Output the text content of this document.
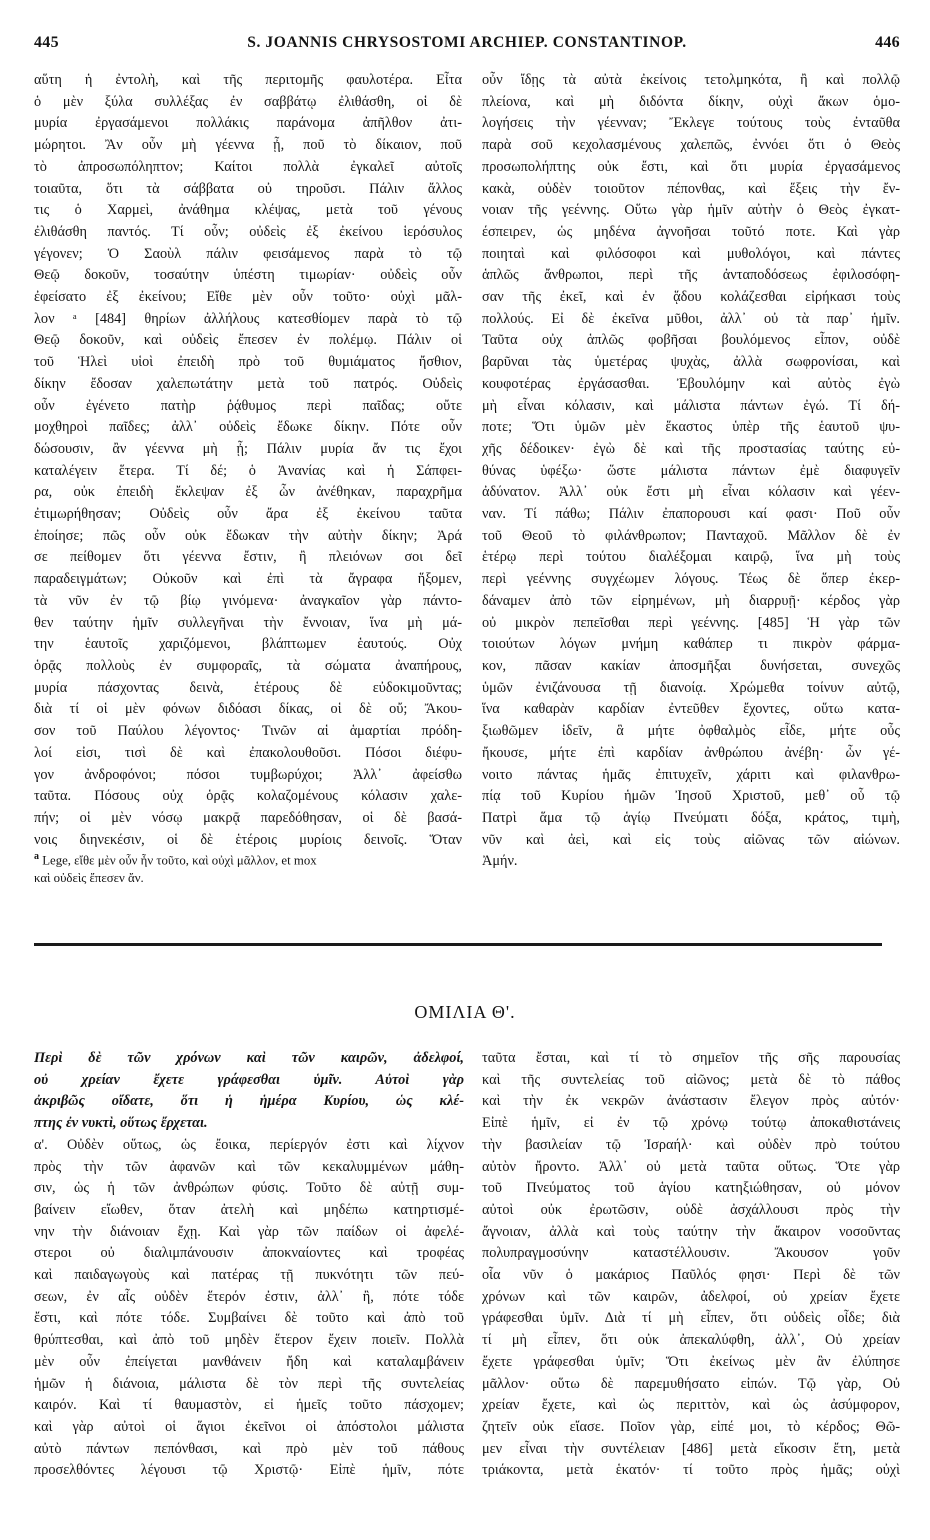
445	S. JOANNIS CHRYSOSTOMI ARCHIEP. CONSTANTINOP.	446
αὕτη ἡ ἐντολὴ, καὶ τῆς περιτομῆς φαυλοτέρα. Εἶτα
ὁ μὲν ξύλα συλλέξας ἐν σαββάτῳ ἐλιθάσθη, οἱ δὲ
μυρία ἐργασάμενοι πολλάκις παράνομα ἀπῆλθον ἀτι-
μώρητοι. Ἂν οὖν μὴ γέεννα ᾖ, ποῦ τὸ δίκαιον, ποῦ
τὸ ἀπροσωπόληπτον; Καίτοι πολλὰ ἐγκαλεῖ αὐτοῖς
τοιαῦτα, ὅτι τὰ σάββατα οὐ τηροῦσι. Πάλιν ἄλλος
τις ὁ Χαρμεὶ, ἀνάθημα κλέψας, μετὰ τοῦ γένους
ἐλιθάσθη παντός. Τί οὖν; οὐδεὶς ἐξ ἐκείνου ἱερόσυλος
γέγονεν; Ὁ Σαοὺλ πάλιν φεισάμενος παρὰ τὸ τῷ
Θεῷ δοκοῦν, τοσαύτην ὑπέστη τιμωρίαν· οὐδεὶς οὖν
ἐφείσατο ἐξ ἐκείνου; Εἴθε μὲν οὖν τοῦτο· οὐχὶ μᾶλ-
λον ᵃ [484] θηρίων ἀλλήλους κατεσθίομεν παρὰ τὸ τῷ
Θεῷ δοκοῦν, καὶ οὐδεὶς ἔπεσεν ἐν πολέμῳ. Πάλιν οἱ
τοῦ Ἡλεὶ υἱοὶ ἐπειδὴ πρὸ τοῦ θυμιάματος ἤσθιον,
δίκην ἔδοσαν χαλεπωτάτην μετὰ τοῦ πατρός. Οὐδεὶς
οὖν ἐγένετο πατὴρ ῥᾴθυμος περὶ παῖδας; οὔτε
μοχθηροὶ παῖδες; ἀλλ᾽ οὐδεὶς ἔδωκε δίκην. Πότε οὖν
δώσουσιν, ἂν γέεννα μὴ ᾖ; Πάλιν μυρία ἄν τις ἔχοι
καταλέγειν ἕτερα. Τί δέ; ὁ Ἀνανίας καὶ ἡ Σάπφει-
ρα, οὐκ ἐπειδὴ ἔκλεψαν ἐξ ὧν ἀνέθηκαν, παραχρῆμα
ἐτιμωρήθησαν; Οὐδεὶς οὖν ἄρα ἐξ ἐκείνου ταῦτα
ἐποίησε; πῶς οὖν οὐκ ἔδωκαν τὴν αὐτὴν δίκην; Ἀρά
σε πείθομεν ὅτι γέεννα ἔστιν, ἢ πλειόνων σοι δεῖ
παραδειγμάτων; Οὐκοῦν καὶ ἐπὶ τὰ ἄγραφα ἥξομεν,
τὰ νῦν ἐν τῷ βίῳ γινόμενα· ἀναγκαῖον γὰρ πάντο-
θεν ταύτην ἡμῖν συλλεγῆναι τὴν ἔννοιαν, ἵνα μὴ μά-
την ἑαυτοῖς χαριζόμενοι, βλάπτωμεν ἑαυτούς. Οὐχ
ὁρᾷς πολλοὺς ἐν συμφοραῖς, τὰ σώματα ἀναπήρους,
μυρία πάσχοντας δεινὰ, ἑτέρους δὲ εὐδοκιμοῦντας;
διὰ τί οἱ μὲν φόνων διδόασι δίκας, οἱ δὲ οὔ; Ἄκου-
σον τοῦ Παύλου λέγοντος· Τινῶν αἱ ἁμαρτίαι πρόδη-
λοί εἰσι, τισὶ δὲ καὶ ἐπακολουθοῦσι. Πόσοι διέφυ-
γον ἀνδροφόνοι; πόσοι τυμβωρύχοι; Ἀλλ᾽ ἀφείσθω
ταῦτα. Πόσους οὐχ ὁρᾷς κολαζομένους κόλασιν χαλε-
πήν; οἱ μὲν νόσῳ μακρᾷ παρεδόθησαν, οἱ δὲ βασά-
νοις διηνεκέσιν, οἱ δὲ ἑτέροις μυρίοις δεινοῖς. Ὅταν
οὖν ἴδῃς τὰ αὐτὰ ἐκείνοις τετολμηκότα, ἢ καὶ πολλῷ
πλείονα, καὶ μὴ διδόντα δίκην, οὐχὶ ἄκων ὁμο-
λογήσεις τὴν γέενναν; Ἔκλεγε τούτους τοὺς ἐνταῦθα
παρὰ σοῦ κεχολασμένους χαλεπῶς, ἐννόει ὅτι ὁ Θεὸς
προσωπολήπτης οὐκ ἔστι, καὶ ὅτι μυρία ἐργασάμενος
κακὰ, οὐδὲν τοιοῦτον πέπονθας, καὶ ἕξεις τὴν ἔν-
νοιαν τῆς γεέννης. Οὕτω γὰρ ἡμῖν αὐτὴν ὁ Θεὸς ἐγκατ-
έσπειρεν, ὡς μηδένα ἀγνοῆσαι τοῦτό ποτε. Καὶ γὰρ
ποιηταὶ καὶ φιλόσοφοι καὶ μυθολόγοι, καὶ πάντες
ἁπλῶς ἄνθρωποι, περὶ τῆς ἀνταποδόσεως ἐφιλοσόφη-
σαν τῆς ἐκεῖ, καὶ ἐν ᾅδου κολάζεσθαι εἰρήκασι τοὺς
πολλούς. Εἰ δὲ ἐκεῖνα μῦθοι, ἀλλ᾽ οὐ τὰ παρ᾽ ἡμῖν.
Ταῦτα οὐχ ἁπλῶς φοβῆσαι βουλόμενος εἶπον, οὐδὲ
βαρῦναι τὰς ὑμετέρας ψυχὰς, ἀλλὰ σωφρονίσαι, καὶ
κουφοτέρας ἐργάσασθαι. Ἐβουλόμην καὶ αὐτὸς ἐγὼ
μὴ εἶναι κόλασιν, καὶ μάλιστα πάντων ἐγώ. Τί δή-
ποτε; Ὅτι ὑμῶν μὲν ἕκαστος ὑπὲρ τῆς ἑαυτοῦ ψυ-
χῆς δέδοικεν· ἐγὼ δὲ καὶ τῆς προστασίας ταύτης εὐ-
θύνας ὑφέξω· ὥστε μάλιστα πάντων ἐμὲ διαφυγεῖν
ἀδύνατον. Ἀλλ᾽ οὐκ ἔστι μὴ εἶναι κόλασιν καὶ γέεν-
ναν. Τί πάθω; Πάλιν ἐπαπορουσι καί φασι· Ποῦ οὖν
τοῦ Θεοῦ τὸ φιλάνθρωπον; Πανταχοῦ. Μᾶλλον δὲ ἐν
ἑτέρῳ περὶ τούτου διαλέξομαι καιρῷ, ἵνα μὴ τοὺς
περὶ γεέννης συγχέωμεν λόγους. Τέως δὲ ὅπερ ἐκερ-
δάναμεν ἀπὸ τῶν εἰρημένων, μὴ διαρρυῇ· κέρδος γὰρ
οὐ μικρὸν πεπεῖσθαι περὶ γεέννης. [485] Ἡ γὰρ τῶν
τοιούτων λόγων μνήμη καθάπερ τι πικρὸν φάρμα-
κον, πᾶσαν κακίαν ἀποσμῆξαι δυνήσεται, συνεχῶς
ὑμῶν ἐνιζάνουσα τῇ διανοίᾳ. Χρώμεθα τοίνυν αὐτῷ,
ἵνα καθαρὰν καρδίαν ἐντεῦθεν ἔχοντες, οὕτω κατα-
ξιωθῶμεν ἰδεῖν, ἃ μήτε ὀφθαλμὸς εἶδε, μήτε οὖς
ἤκουσε, μήτε ἐπὶ καρδίαν ἀνθρώπου ἀνέβη· ὧν γέ-
νοιτο πάντας ἡμᾶς ἐπιτυχεῖν, χάριτι καὶ φιλανθρω-
πίᾳ τοῦ Κυρίου ἡμῶν Ἰησοῦ Χριστοῦ, μεθ᾽ οὗ τῷ
Πατρὶ ἅμα τῷ ἁγίῳ Πνεύματι δόξα, κράτος, τιμὴ,
νῦν καὶ ἀεὶ, καὶ εἰς τοὺς αἰῶνας τῶν αἰώνων.
Ἀμήν.
$^a$ Lege, εἴθε μὲν οὖν ἦν τοῦτο, καὶ οὐχὶ μᾶλλον, et mox
καὶ οὐδεὶς ἔπεσεν ἄν.
ΟΜΙΛΙΑ Θ'.
Περὶ δὲ τῶν χρόνων καὶ τῶν καιρῶν, ἀδελφοί,
οὐ χρείαν ἔχετε γράφεσθαι ὑμῖν. Αὐτοὶ γὰρ
ἀκριβῶς οἴδατε, ὅτι ἡ ἡμέρα Κυρίου, ὡς κλέ-
πτης ἐν νυκτὶ, οὕτως ἔρχεται.
α'. Οὐδὲν οὕτως, ὡς ἔοικα, περίεργόν ἐστι καὶ λίχνον
πρὸς τὴν τῶν ἀφανῶν καὶ τῶν κεκαλυμμένων μάθη-
σιν, ὡς ἡ τῶν ἀνθρώπων φύσις. Τοῦτο δὲ αὐτῇ συμ-
βαίνειν εἴωθεν, ὅταν ἀτελὴ καὶ μηδέπω κατηρτισμέ-
νην τὴν διάνοιαν ἔχῃ. Καὶ γὰρ τῶν παίδων οἱ ἀφελέ-
στεροι οὐ διαλιμπάνουσιν ἀποκναίοντες καὶ τροφέας
καὶ παιδαγωγοὺς καὶ πατέρας τῇ πυκνότητι τῶν πεύ-
σεων, ἐν αἷς οὐδὲν ἕτερόν ἐστιν, ἀλλ᾽ ἢ, πότε τόδε
ἔστι, καὶ πότε τόδε. Συμβαίνει δὲ τοῦτο καὶ ἀπὸ τοῦ
θρύπτεσθαι, καὶ ἀπὸ τοῦ μηδὲν ἕτερον ἔχειν ποιεῖν. Πολλὰ
μὲν οὖν ἐπείγεται μανθάνειν ἤδη καὶ καταλαμβάνειν
ἡμῶν ἡ διάνοια, μάλιστα δὲ τὸν περὶ τῆς συντελείας
καιρόν. Καὶ τί θαυμαστὸν, εἰ ἡμεῖς τοῦτο πάσχομεν;
καὶ γὰρ αὐτοὶ οἱ ἅγιοι ἐκεῖνοι οἱ ἀπόστολοι μάλιστα
αὐτὸ πάντων πεπόνθασι, καὶ πρὸ μὲν τοῦ πάθους
προσελθόντες λέγουσι τῷ Χριστῷ· Εἰπὲ ἡμῖν, πότε
ταῦτα ἔσται, καὶ τί τὸ σημεῖον τῆς σῆς παρουσίας
καὶ τῆς συντελείας τοῦ αἰῶνος; μετὰ δὲ τὸ πάθος
καὶ τὴν ἐκ νεκρῶν ἀνάστασιν ἔλεγον πρὸς αὐτόν·
Εἰπὲ ἡμῖν, εἰ ἐν τῷ χρόνῳ τούτῳ ἀποκαθιστάνεις
τὴν βασιλείαν τῷ Ἰσραήλ· καὶ οὐδὲν πρὸ τούτου
αὐτὸν ἤροντο. Ἀλλ᾽ οὐ μετὰ ταῦτα οὕτως. Ὅτε γὰρ
τοῦ Πνεύματος τοῦ ἁγίου κατηξιώθησαν, οὐ μόνον
αὐτοὶ οὐκ ἐρωτῶσιν, οὐδὲ ἀσχάλλουσι πρὸς τὴν
ἄγνοιαν, ἀλλὰ καὶ τοὺς ταύτην τὴν ἄκαιρον νοσοῦντας
πολυπραγμοσύνην καταστέλλουσιν. Ἄκουσον γοῦν
οἷα νῦν ὁ μακάριος Παῦλός φησι· Περὶ δὲ τῶν
χρόνων καὶ τῶν καιρῶν, ἀδελφοί, οὐ χρείαν ἔχετε
γράφεσθαι ὑμῖν. Διὰ τί μὴ εἶπεν, ὅτι οὐδεὶς οἶδε; διὰ
τί μὴ εἶπεν, ὅτι οὐκ ἀπεκαλύφθη, ἀλλ᾽, Οὐ χρείαν
ἔχετε γράφεσθαι ὑμῖν; Ὅτι ἐκείνως μὲν ἂν ἐλύπησε
μᾶλλον· οὕτω δὲ παρεμυθήσατο εἰπών. Τῷ γὰρ, Οὐ
χρείαν ἔχετε, καὶ ὡς περιττὸν, καὶ ὡς ἀσύμφορον,
ζητεῖν οὐκ εἴασε. Ποῖον γὰρ, εἰπέ μοι, τὸ κέρδος; Θῶ-
μεν εἶναι τὴν συντέλειαν [486] μετὰ εἴκοσιν ἔτη, μετὰ
τριάκοντα, μετὰ ἑκατόν· τί τοῦτο πρὸς ἡμᾶς; οὐχὶ
